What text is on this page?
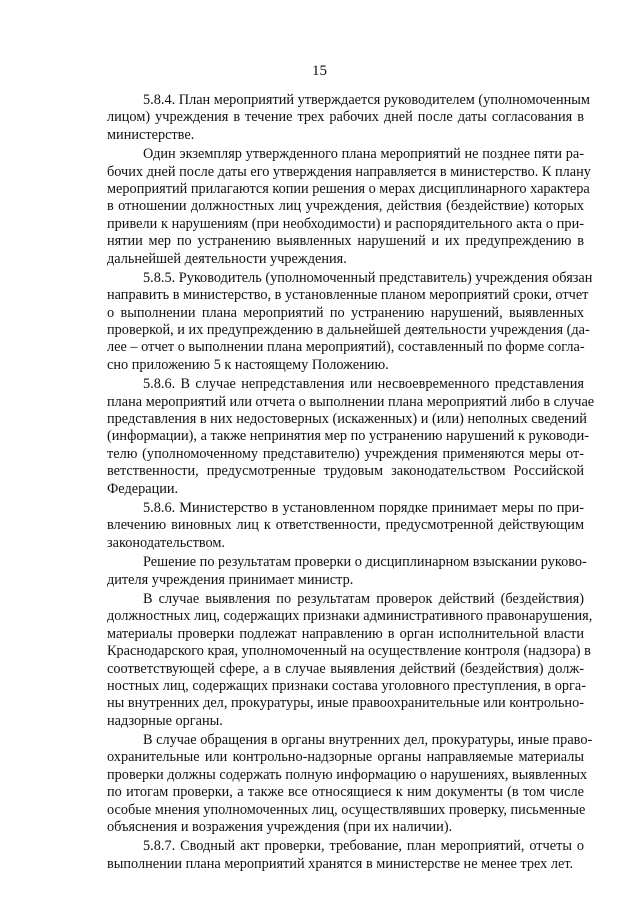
15
5.8.4. План мероприятий утверждается руководителем (уполномоченным
лицом) учреждения в течение трех рабочих дней после даты согласования в
министерстве.
Один экземпляр утвержденного плана мероприятий не позднее пяти ра-
бочих дней после даты его утверждения направляется в министерство. К плану
мероприятий прилагаются копии решения о мерах дисциплинарного характера
в отношении должностных лиц учреждения, действия (бездействие) которых
привели к нарушениям (при необходимости) и распорядительного акта о при-
нятии мер по устранению выявленных нарушений и их предупреждению в
дальнейшей деятельности учреждения.
5.8.5. Руководитель (уполномоченный представитель) учреждения обязан
направить в министерство, в установленные планом мероприятий сроки, отчет
о выполнении плана мероприятий по устранению нарушений, выявленных
проверкой, и их предупреждению в дальнейшей деятельности учреждения (да-
лее – отчет о выполнении плана мероприятий), составленный по форме согла-
сно приложению 5 к настоящему Положению.
5.8.6. В случае непредставления или несвоевременного представления
плана мероприятий или отчета о выполнении плана мероприятий либо в случае
представления в них недостоверных (искаженных) и (или) неполных сведений
(информации), а также непринятия мер по устранению нарушений к руководи-
телю (уполномоченному представителю) учреждения применяются меры от-
ветственности, предусмотренные трудовым законодательством Российской
Федерации.
5.8.6. Министерство в установленном порядке принимает меры по при-
влечению виновных лиц к ответственности, предусмотренной действующим
законодательством.
Решение по результатам проверки о дисциплинарном взыскании руково-
дителя учреждения принимает министр.
В случае выявления по результатам проверок действий (бездействия)
должностных лиц, содержащих признаки административного правонарушения,
материалы проверки подлежат направлению в орган исполнительной власти
Краснодарского края, уполномоченный на осуществление контроля (надзора) в
соответствующей сфере, а в случае выявления действий (бездействия) долж-
ностных лиц, содержащих признаки состава уголовного преступления, в орга-
ны внутренних дел, прокуратуры, иные правоохранительные или контрольно-
надзорные органы.
В случае обращения в органы внутренних дел, прокуратуры, иные право-
охранительные или контрольно-надзорные органы направляемые материалы
проверки должны содержать полную информацию о нарушениях, выявленных
по итогам проверки, а также все относящиеся к ним документы (в том числе
особые мнения уполномоченных лиц, осуществлявших проверку, письменные
объяснения и возражения учреждения (при их наличии).
5.8.7. Сводный акт проверки, требование, план мероприятий, отчеты о
выполнении плана мероприятий хранятся в министерстве не менее трех лет.
